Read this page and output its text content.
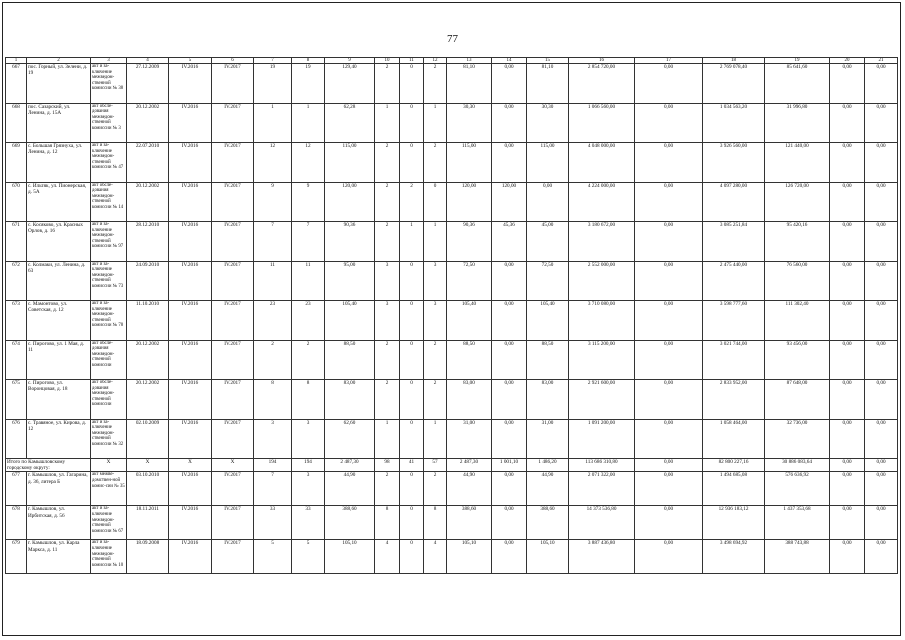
77
1	2	3	4	5	6	7	8	9	10	11	12	13	14	15	16	17	18	19	20	21
667	пос. Горный, ул. Зелени, д. 19	акт и за-ключение межведом-ственной комиссии № 38	27.12.2009	IV.2016	IV.2017	19	19	129,40	2	0	2	81,10	0,00	81,10	2 854 720,00	0,00	2 769 078,40	85 641,60	0,00	0,00
668	пос. Сазарский, ул. Ленина, д. 15А	акт обсле-дования межведом-ственной комиссии № 3	20.12.2002	IV.2016	IV.2017	1	1	62,28	1	0	1	30,30	0,00	30,30	1 066 560,00	0,00	1 034 563,20	31 996,80	0,00	0,00
669	с. Большая Грязнуха, ул. Ленина, д. 12	акт и за-ключение межведом-ственной комиссии № 47	22.07.2010	IV.2016	IV.2017	12	12	115,00	2	0	2	115,00	0,00	115,00	4 048 000,00	0,00	3 926 560,00	121 440,00	0,00	0,00
670	с. Ильтяк, ул. Пионерская, д. 5А	акт обсле-дования межведом-ственной комиссии № 14	20.12.2002	IV.2016	IV.2017	9	9	120,00	2	2	0	120,00	120,00	0,00	4 224 000,00	0,00	4 097 280,00	126 720,00	0,00	0,00
671	с. Косяково, ул. Красных Орлов, д. 16	акт и за-ключение межведом-ственной комиссии № 97	28.12.2010	IV.2016	IV.2017	7	7	90,36	2	1	1	90,36	45,36	45,00	3 180 672,00	0,00	3 085 251,84	95 420,16	0,00	0,00
672	с. Колмаки, ул. Ленина, д. 63	акт и за-ключение межведом-ственной комиссии № 73	24.09.2010	IV.2016	IV.2017	11	11	95,00	3	0	3	72,50	0,00	72,50	2 552 000,00	0,00	2 475 440,00	76 560,00	0,00	0,00
673	с. Мамонтово, ул. Советская, д. 12	акт и за-ключение межведом-ственной комиссии № 78	11.10.2010	IV.2016	IV.2017	23	23	105,40	3	0	3	105,40	0,00	105,40	3 710 080,00	0,00	3 598 777,60	111 302,40	0,00	0,00
674	с. Пирогово, ул. 1 Мая, д. 11	акт обсле-дования межведом-ственной комиссии	20.12.2002	IV.2016	IV.2017	2	2	88,50	2	0	2	88,50	0,00	88,50	3 115 200,00	0,00	3 021 744,00	93 456,00	0,00	0,00
675	с. Пирогово, ул. Воронцовая, д. 18	акт обсле-дования межведом-ственной комиссии	20.12.2002	IV.2016	IV.2017	8	8	83,00	2	0	2	83,00	0,00	83,00	2 921 600,00	0,00	2 833 952,00	87 648,00	0,00	0,00
676	с. Травяное, ул. Кирова, д. 12	акт и за-ключение межведом-ственной комиссии № 32	02.10.2009	IV.2016	IV.2017	3	3	62,60	1	0	1	31,00	0,00	31,00	1 091 200,00	0,00	1 058 464,00	32 736,00	0,00	0,00
Итого по Камышловскому городскому округу:		X	X	X	X	194	194	2 487,30	98	41	57	2 487,30	1 001,10	1 486,20	113 686 310,80	0,00	82 800 227,16	30 886 083,64	0,00	0,00
677	г. Камышлов, ул. Гагарина, д. 36, литера Б	акт межве-домствен-ной комис-сии № 35	03.10.2010	IV.2016	IV.2017	7	3	44,90	2	0	2	44,90	0,00	44,90	2 071 322,00	0,00	1 494 685,08	576 636,92	0,00	0,00
678	г. Камышлов, ул. Ирбитская, д. 56	акт и за-ключение межведом-ственной комиссии № 67	18.11.2011	IV.2016	IV.2017	33	33	388,60	8	0	8	388,60	0,00	388,60	14 373 536,80	0,00	12 936 183,12	1 437 353,68	0,00	0,00
679	г. Камышлов, ул. Карла Маркса, д. 11	акт и за-ключение межведом-ственной комиссии № 10	18.09.2008	IV.2016	IV.2017	5	5	105,10	4	0	4	105,10	0,00	105,10	3 887 436,80	0,00	3 498 694,92	388 743,88	0,00	0,00
